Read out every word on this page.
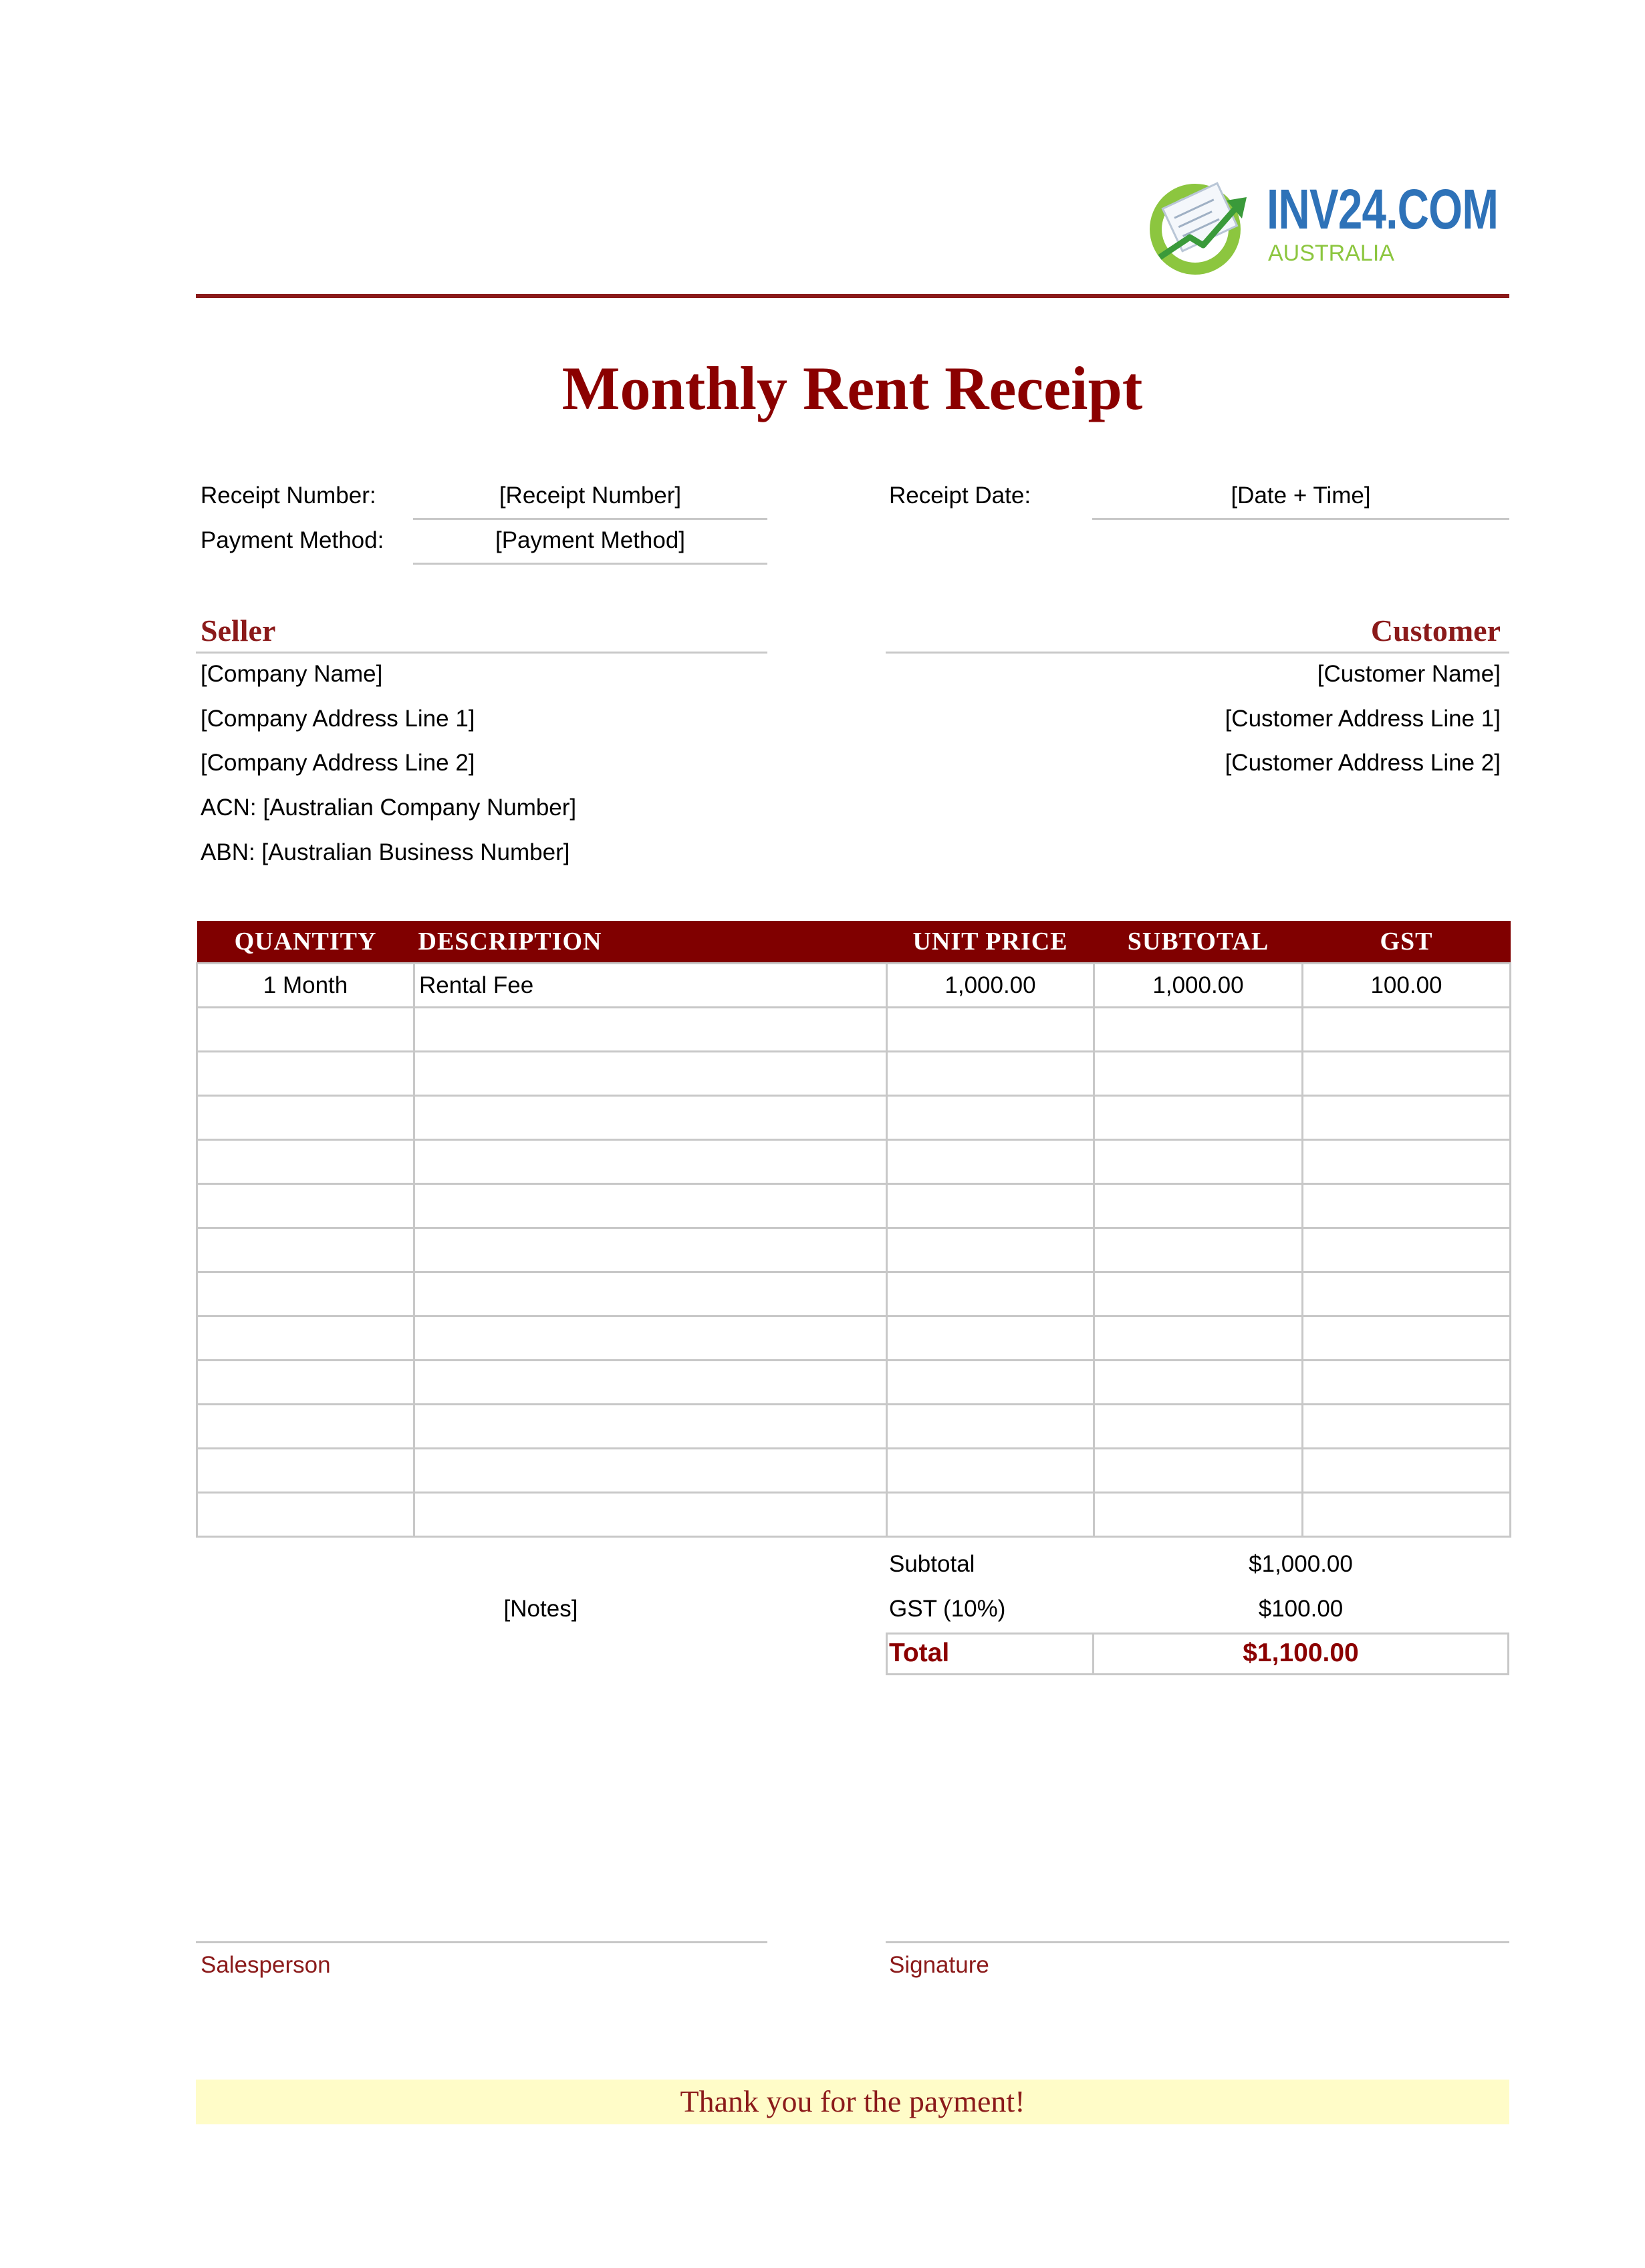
INV24.COM
AUSTRALIA
Monthly Rent Receipt
Receipt Number:	[Receipt Number]
Payment Method:	[Payment Method]
Receipt Date:	[Date + Time]
Seller	Customer
[Company Name]
[Company Address Line 1]
[Company Address Line 2]
ACN: [Australian Company Number]
ABN: [Australian Business Number]
[Customer Name]
[Customer Address Line 1]
[Customer Address Line 2]
QUANTITY	DESCRIPTION	UNIT PRICE	SUBTOTAL	GST
1 Month	Rental Fee	1,000.00	1,000.00	100.00

[Notes]
Subtotal	$1,000.00
GST (10%)	$100.00
Total	$1,100.00
Salesperson	Signature
Thank you for the payment!
